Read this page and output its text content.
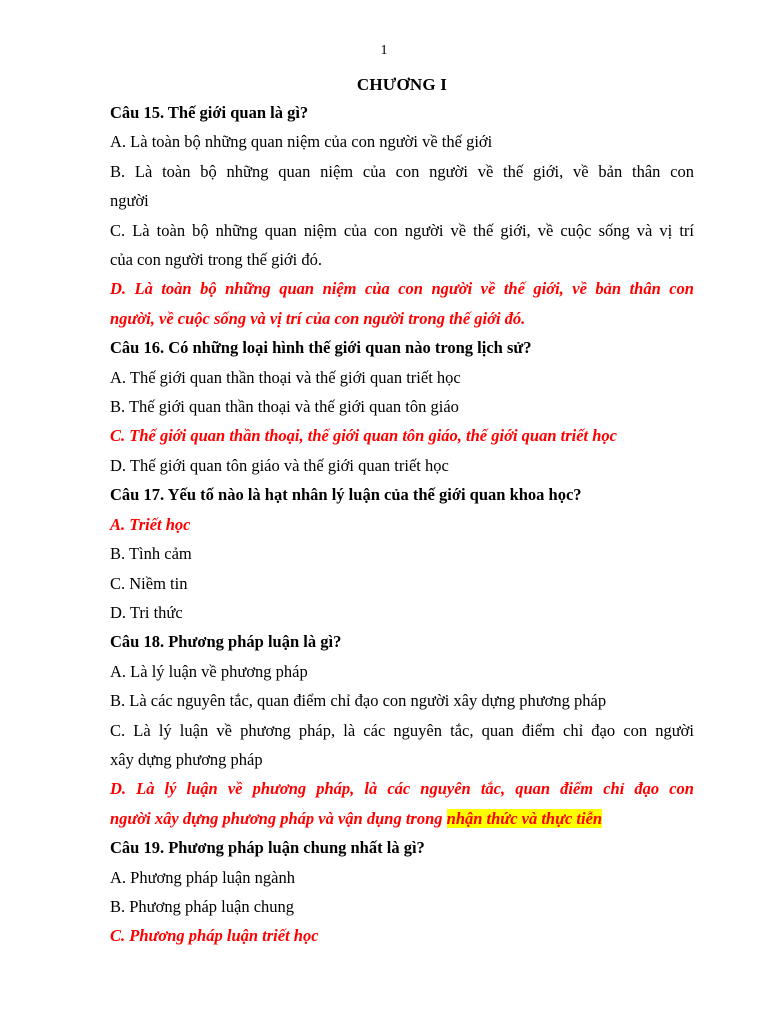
1
CHƯƠNG I
Câu 15. Thế giới quan là gì?
A. Là toàn bộ những quan niệm của con người về thế giới
B. Là toàn bộ những quan niệm của con người về thế giới, về bản thân con
người
C. Là toàn bộ những quan niệm của con người về thế giới, về cuộc sống và vị trí
của con người trong thế giới đó.
D. Là toàn bộ những quan niệm của con người về thế giới, về bản thân con
người, về cuộc sống và vị trí của con người trong thế giới đó.
Câu 16. Có những loại hình thế giới quan nào trong lịch sử?
A. Thế giới quan thần thoại và thế giới quan triết học
B. Thế giới quan thần thoại và thế giới quan tôn giáo
C. Thế giới quan thần thoại, thế giới quan tôn giáo, thế giới quan triết học
D. Thế giới quan tôn giáo và thế giới quan triết học
Câu 17. Yếu tố nào là hạt nhân lý luận của thế giới quan khoa học?
A. Triết học
B. Tình cảm
C. Niềm tin
D. Tri thức
Câu 18. Phương pháp luận là gì?
A. Là lý luận về phương pháp
B. Là các nguyên tắc, quan điểm chỉ đạo con người xây dựng phương pháp
C. Là lý luận về phương pháp, là các nguyên tắc, quan điểm chỉ đạo con người
xây dựng phương pháp
D. Là lý luận về phương pháp, là các nguyên tắc, quan điểm chỉ đạo con
người xây dựng phương pháp và vận dụng trong nhận thức và thực tiễn
Câu 19. Phương pháp luận chung nhất là gì?
A. Phương pháp luận ngành
B. Phương pháp luận chung
C. Phương pháp luận triết học
